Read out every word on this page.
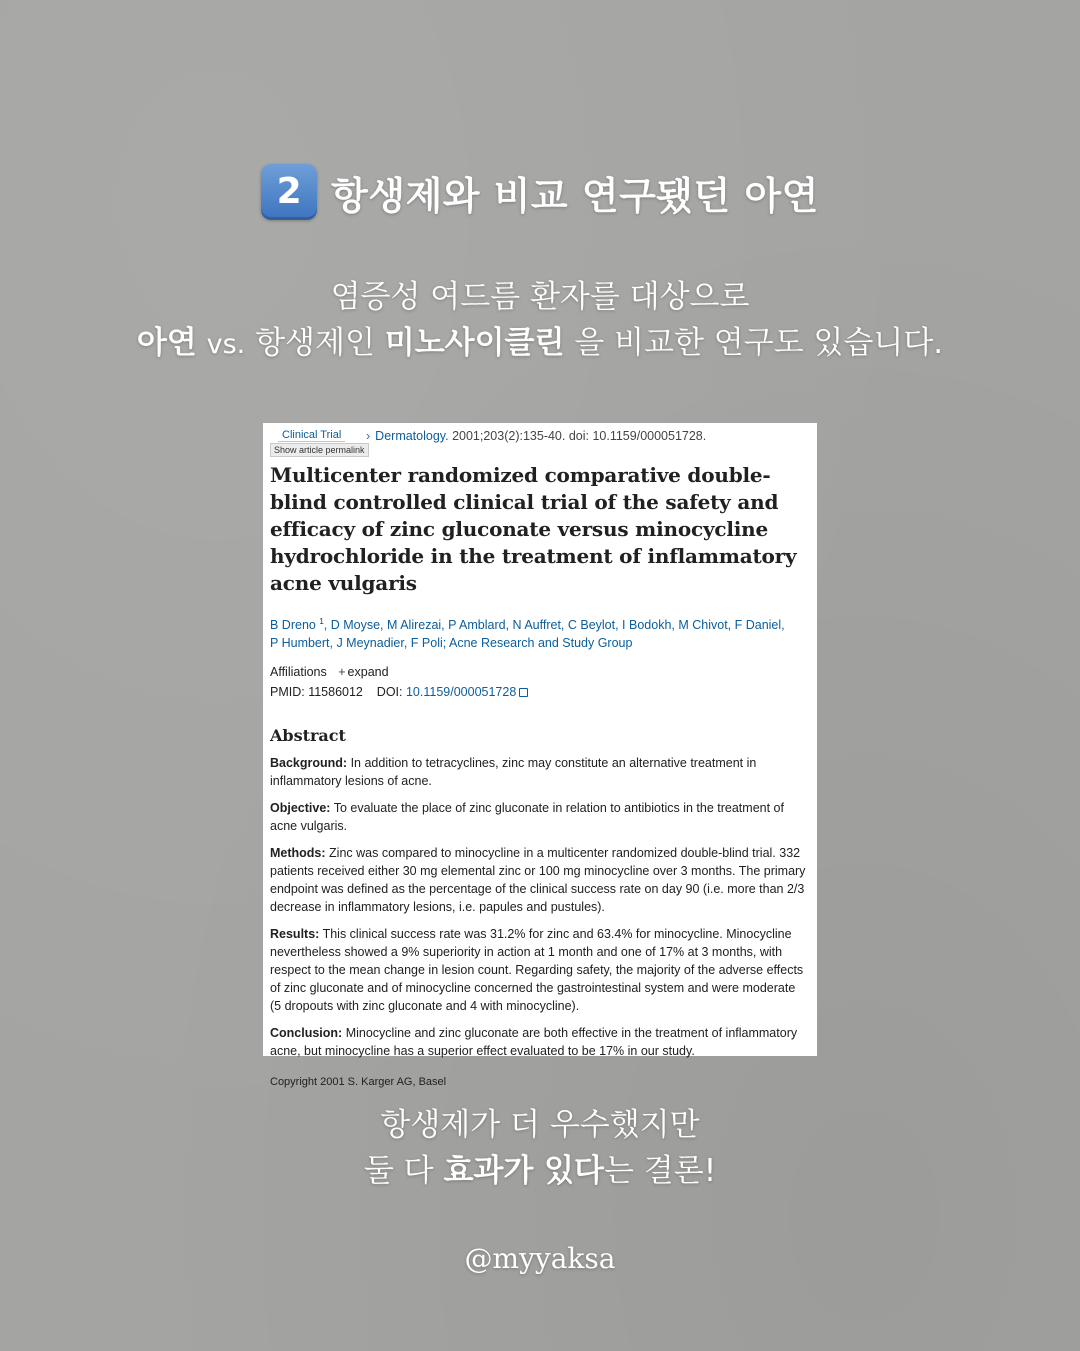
2 항생제와 비교 연구됐던 아연
염증성 여드름 환자를 대상으로
아연 vs. 항생제인 미노사이클린 을 비교한 연구도 있습니다.
Clinical Trial
Show article permalink
› Dermatology. 2001;203(2):135-40. doi: 10.1159/000051728.
Multicenter randomized comparative double-blind controlled clinical trial of the safety and efficacy of zinc gluconate versus minocycline hydrochloride in the treatment of inflammatory acne vulgaris
B Dreno $^1$, D Moyse, M Alirezai, P Amblard, N Auffret, C Beylot, I Bodokh, M Chivot, F Daniel,
P Humbert, J Meynadier, F Poli; Acne Research and Study Group
Affiliations + expand
PMID: 11586012 DOI: 10.1159/000051728
Abstract
Background: In addition to tetracyclines, zinc may constitute an alternative treatment in inflammatory lesions of acne.
Objective: To evaluate the place of zinc gluconate in relation to antibiotics in the treatment of acne vulgaris.
Methods: Zinc was compared to minocycline in a multicenter randomized double-blind trial. 332 patients received either 30 mg elemental zinc or 100 mg minocycline over 3 months. The primary endpoint was defined as the percentage of the clinical success rate on day 90 (i.e. more than 2/3 decrease in inflammatory lesions, i.e. papules and pustules).
Results: This clinical success rate was 31.2% for zinc and 63.4% for minocycline. Minocycline nevertheless showed a 9% superiority in action at 1 month and one of 17% at 3 months, with respect to the mean change in lesion count. Regarding safety, the majority of the adverse effects of zinc gluconate and of minocycline concerned the gastrointestinal system and were moderate (5 dropouts with zinc gluconate and 4 with minocycline).
Conclusion: Minocycline and zinc gluconate are both effective in the treatment of inflammatory acne, but minocycline has a superior effect evaluated to be 17% in our study.
Copyright 2001 S. Karger AG, Basel
항생제가 더 우수했지만
둘 다 효과가 있다는 결론!
@myyaksa
